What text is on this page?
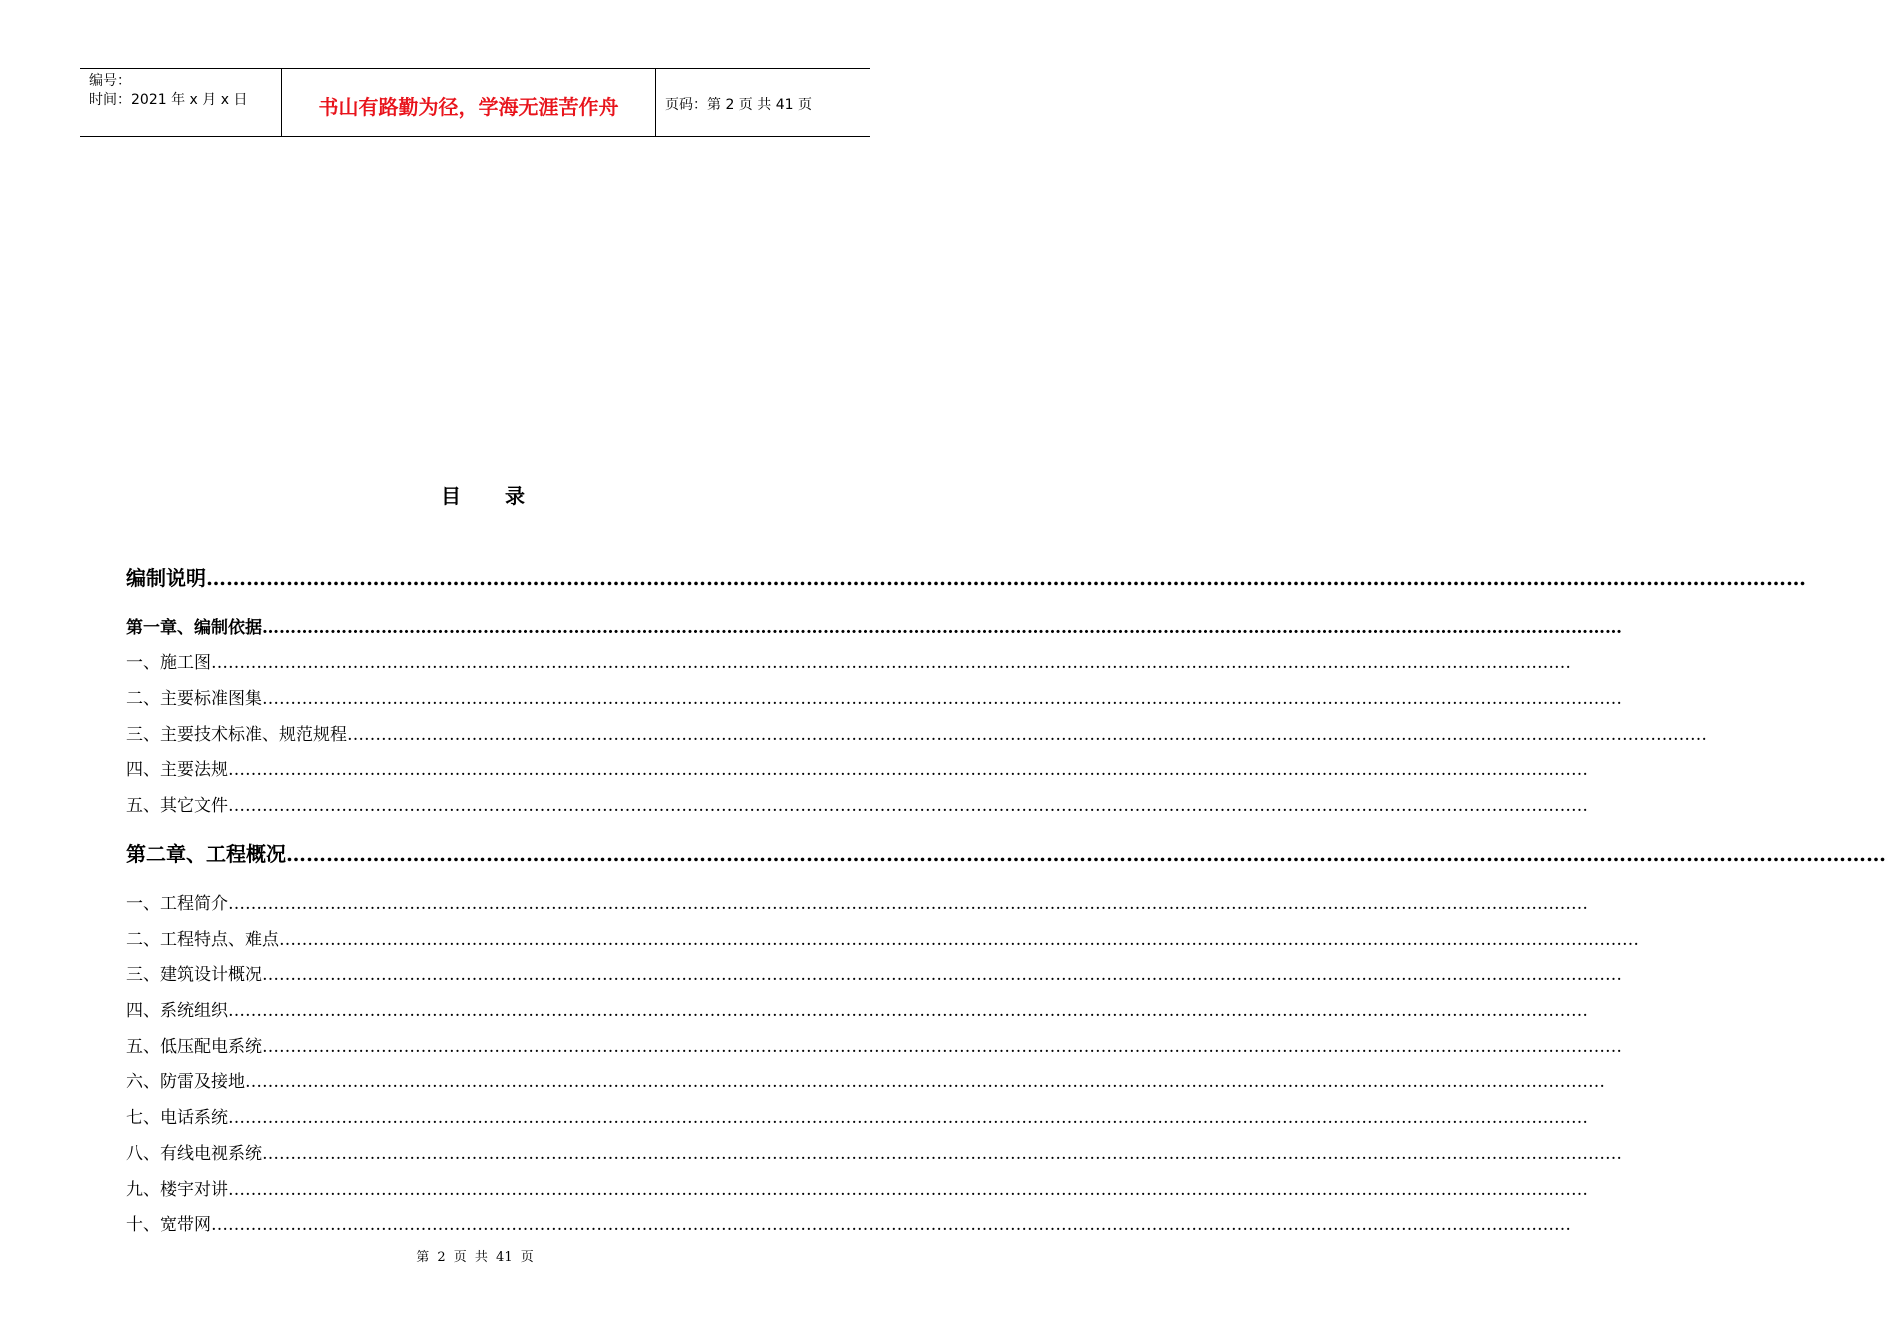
编号：
时间：2021 年 x 月 x 日	书山有路勤为径，学海无涯苦作舟	页码：第 2 页 共 41 页
目录
编制说明……………………………………………………………………………………………………………………………………………………………………………………………………………………
第一章、编制依据……………………………………………………………………………………………………………………………………………………………………………………………………………………
一、施工图……………………………………………………………………………………………………………………………………………………………………………………………………………………
二、主要标准图集……………………………………………………………………………………………………………………………………………………………………………………………………………………
三、主要技术标准、规范规程……………………………………………………………………………………………………………………………………………………………………………………………………………………
四、主要法规……………………………………………………………………………………………………………………………………………………………………………………………………………………
五、其它文件……………………………………………………………………………………………………………………………………………………………………………………………………………………
第二章、工程概况……………………………………………………………………………………………………………………………………………………………………………………………………………………
一、工程简介……………………………………………………………………………………………………………………………………………………………………………………………………………………
二、工程特点、难点……………………………………………………………………………………………………………………………………………………………………………………………………………………
三、建筑设计概况……………………………………………………………………………………………………………………………………………………………………………………………………………………
四、系统组织……………………………………………………………………………………………………………………………………………………………………………………………………………………
五、低压配电系统……………………………………………………………………………………………………………………………………………………………………………………………………………………
六、防雷及接地……………………………………………………………………………………………………………………………………………………………………………………………………………………
七、电话系统……………………………………………………………………………………………………………………………………………………………………………………………………………………
八、有线电视系统……………………………………………………………………………………………………………………………………………………………………………………………………………………
九、楼宇对讲……………………………………………………………………………………………………………………………………………………………………………………………………………………
十、宽带网……………………………………………………………………………………………………………………………………………………………………………………………………………………
第 2 页 共 41 页
